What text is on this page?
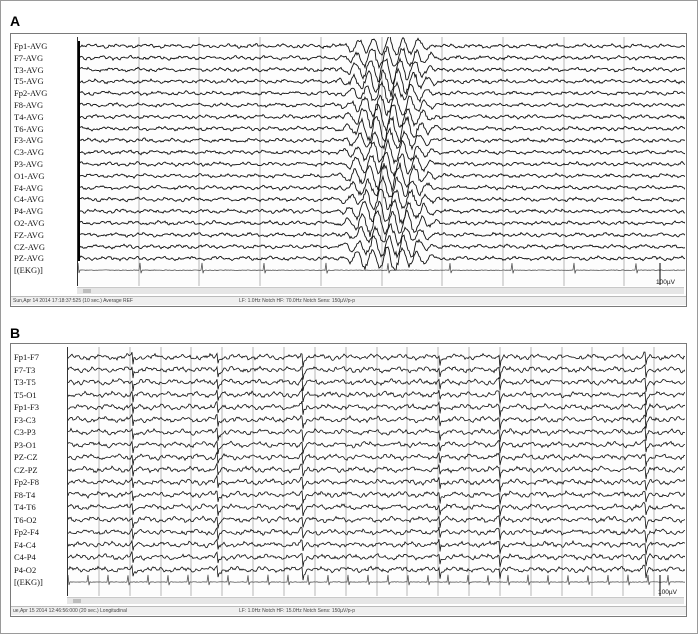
A
Fp1-AVG
F7-AVG
T3-AVG
T5-AVG
Fp2-AVG
F8-AVG
T4-AVG
T6-AVG
F3-AVG
C3-AVG
P3-AVG
O1-AVG
F4-AVG
C4-AVG
P4-AVG
O2-AVG
FZ-AVG
CZ-AVG
PZ-AVG
[(EKG)]
100µV
Sun,Apr 14 2014 17:18:37:525 (10 sec.) Average REF	LF: 1.0Hz Notch HF: 70.0Hz Notch Sens: 150µV/p-p
B
Fp1-F7
F7-T3
T3-T5
T5-O1
Fp1-F3
F3-C3
C3-P3
P3-O1
PZ-CZ
CZ-PZ
Fp2-F8
F8-T4
T4-T6
T6-O2
Fp2-F4
F4-C4
C4-P4
P4-O2
[(EKG)]
100µV
ue,Apr 15 2014 12:46:56:000 (20 sec.) Longitudinal	LF: 1.0Hz Notch HF: 15.0Hz Notch Sens: 150µV/p-p
